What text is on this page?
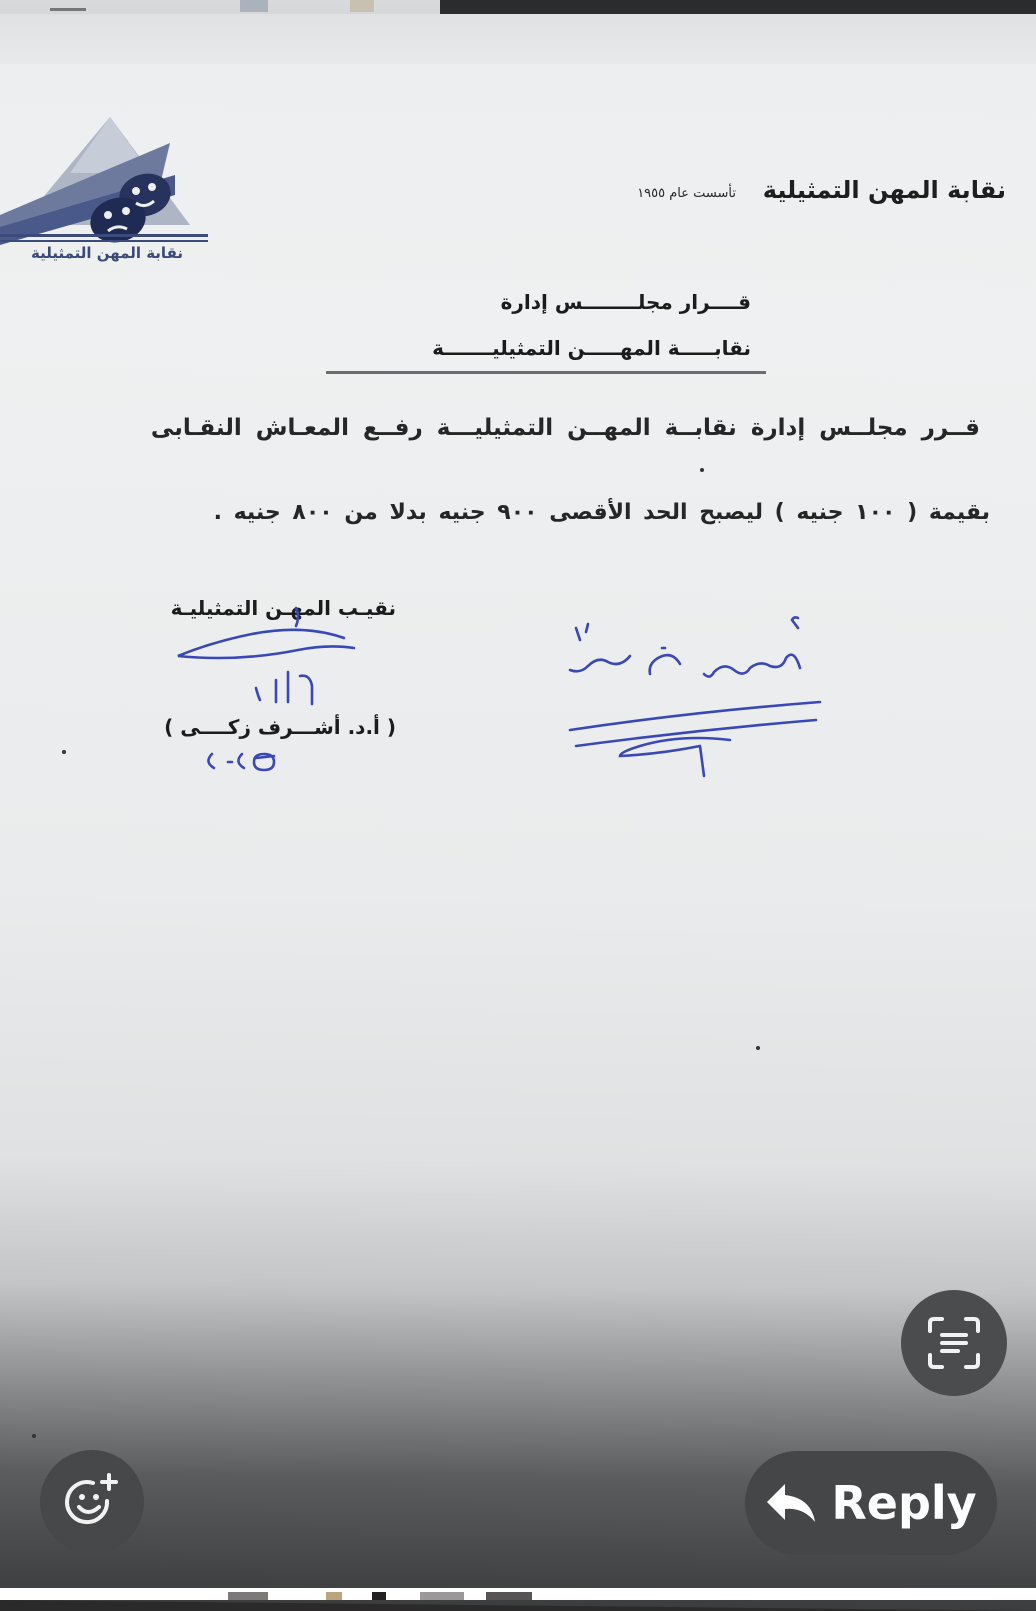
نقابة المهن التمثيلية
نقابة المهن التمثيلية
تأسست عام ١٩٥٥
قــــرار مجلــــــــس إدارة
نقابـــــة المهـــــن التمثيليـــــــة
قــرر مجلــس إدارة نقابــة المهــن التمثيليـــة رفــع المعـاش النقـابى
بقيمة ( ١٠٠ جنيه ) ليصبح الحد الأقصى ٩٠٠ جنيه بدلا من ٨٠٠ جنيه .
نقيـب المهـن التمثيليـة
( أ.د. أشـــرف زكــــى )
Reply
